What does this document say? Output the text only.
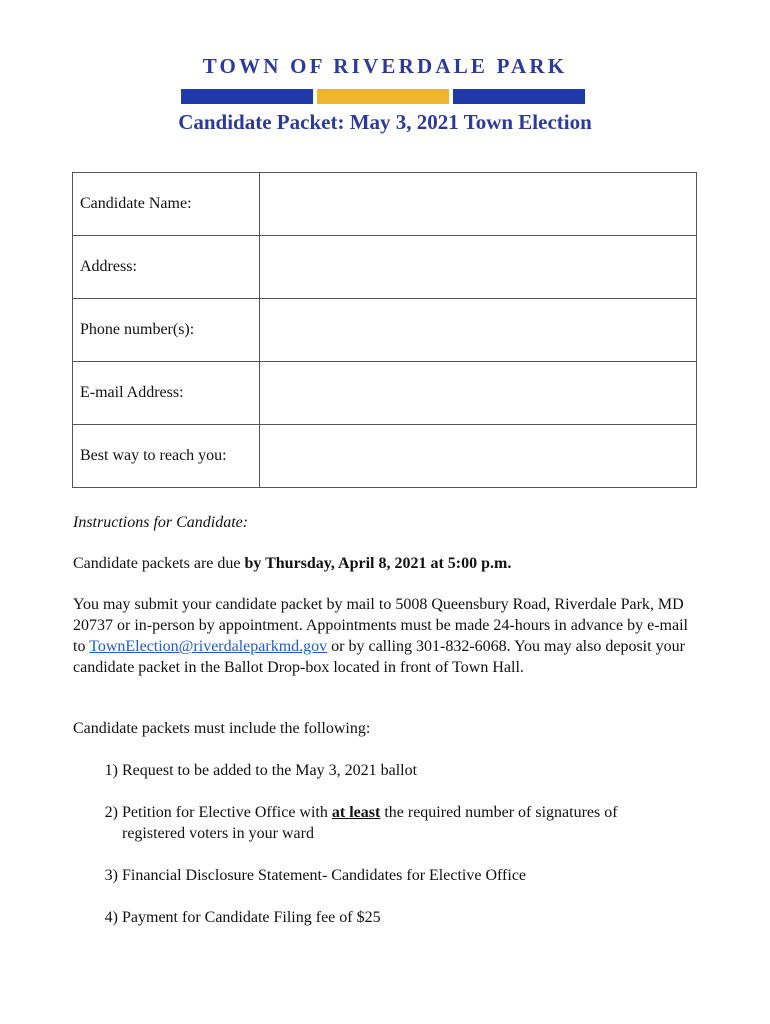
TOWN OF RIVERDALE PARK
Candidate Packet: May 3, 2021 Town Election
Candidate Name:	
Address:	
Phone number(s):	
E-mail Address:	
Best way to reach you:	
Instructions for Candidate:
Candidate packets are due by Thursday, April 8, 2021 at 5:00 p.m.
You may submit your candidate packet by mail to 5008 Queensbury Road, Riverdale Park, MD 20737 or in-person by appointment. Appointments must be made 24-hours in advance by e-mail to TownElection@riverdaleparkmd.gov or by calling 301-832-6068. You may also deposit your candidate packet in the Ballot Drop-box located in front of Town Hall.
Candidate packets must include the following:
1)
Request to be added to the May 3, 2021 ballot
2)
Petition for Elective Office with at least the required number of signatures of registered voters in your ward
3)
Financial Disclosure Statement- Candidates for Elective Office
4)
Payment for Candidate Filing fee of $25
